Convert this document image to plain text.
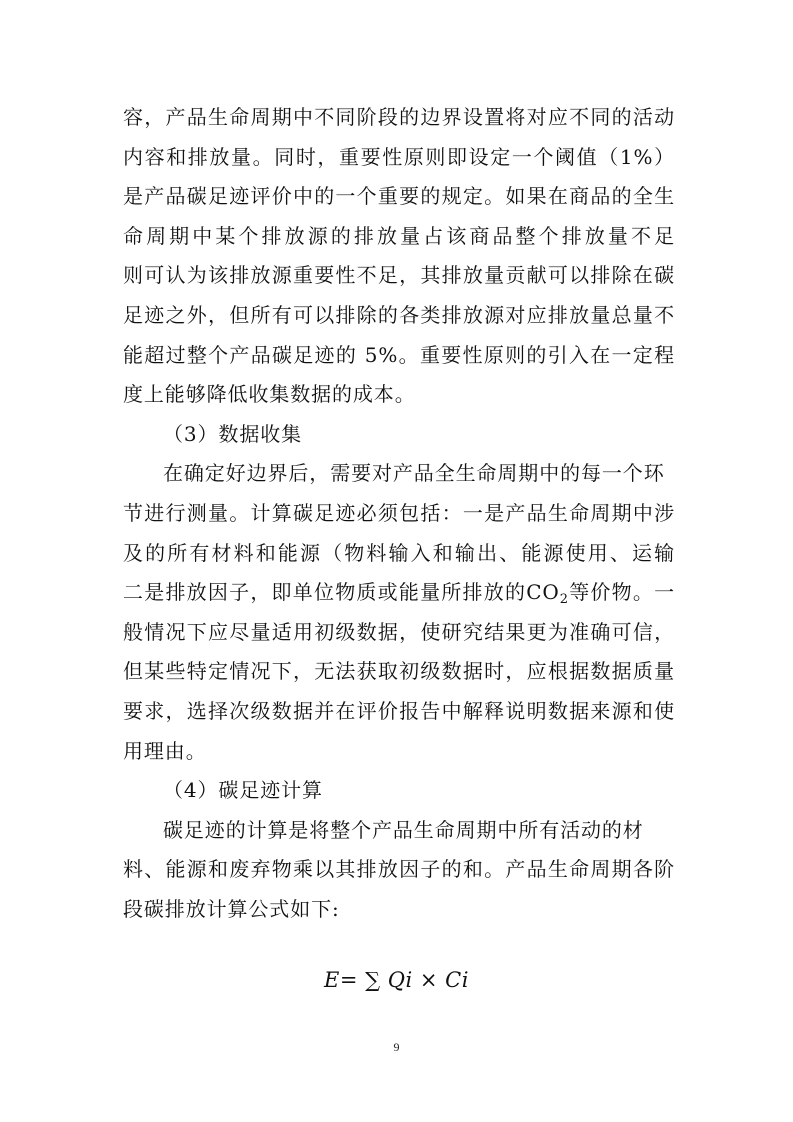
容，产品生命周期中不同阶段的边界设置将对应不同的活动
内容和排放量。同时，重要性原则即设定一个阈值（1%）
是产品碳足迹评价中的一个重要的规定。如果在商品的全生
命周期中某个排放源的排放量占该商品整个排放量不足
则可认为该排放源重要性不足，其排放量贡献可以排除在碳
足迹之外，但所有可以排除的各类排放源对应排放量总量不
能超过整个产品碳足迹的 5%。重要性原则的引入在一定程
度上能够降低收集数据的成本。
（3）数据收集
在确定好边界后，需要对产品全生命周期中的每一个环
节进行测量。计算碳足迹必须包括：一是产品生命周期中涉
及的所有材料和能源（物料输入和输出、能源使用、运输
二是排放因子，即单位物质或能量所排放的$CO_2$等价物。一
般情况下应尽量适用初级数据，使研究结果更为准确可信，
但某些特定情况下，无法获取初级数据时，应根据数据质量
要求，选择次级数据并在评价报告中解释说明数据来源和使
用理由。
（4）碳足迹计算
碳足迹的计算是将整个产品生命周期中所有活动的材
料、能源和废弃物乘以其排放因子的和。产品生命周期各阶
段碳排放计算公式如下:
E= ∑ Qi × Ci
9
